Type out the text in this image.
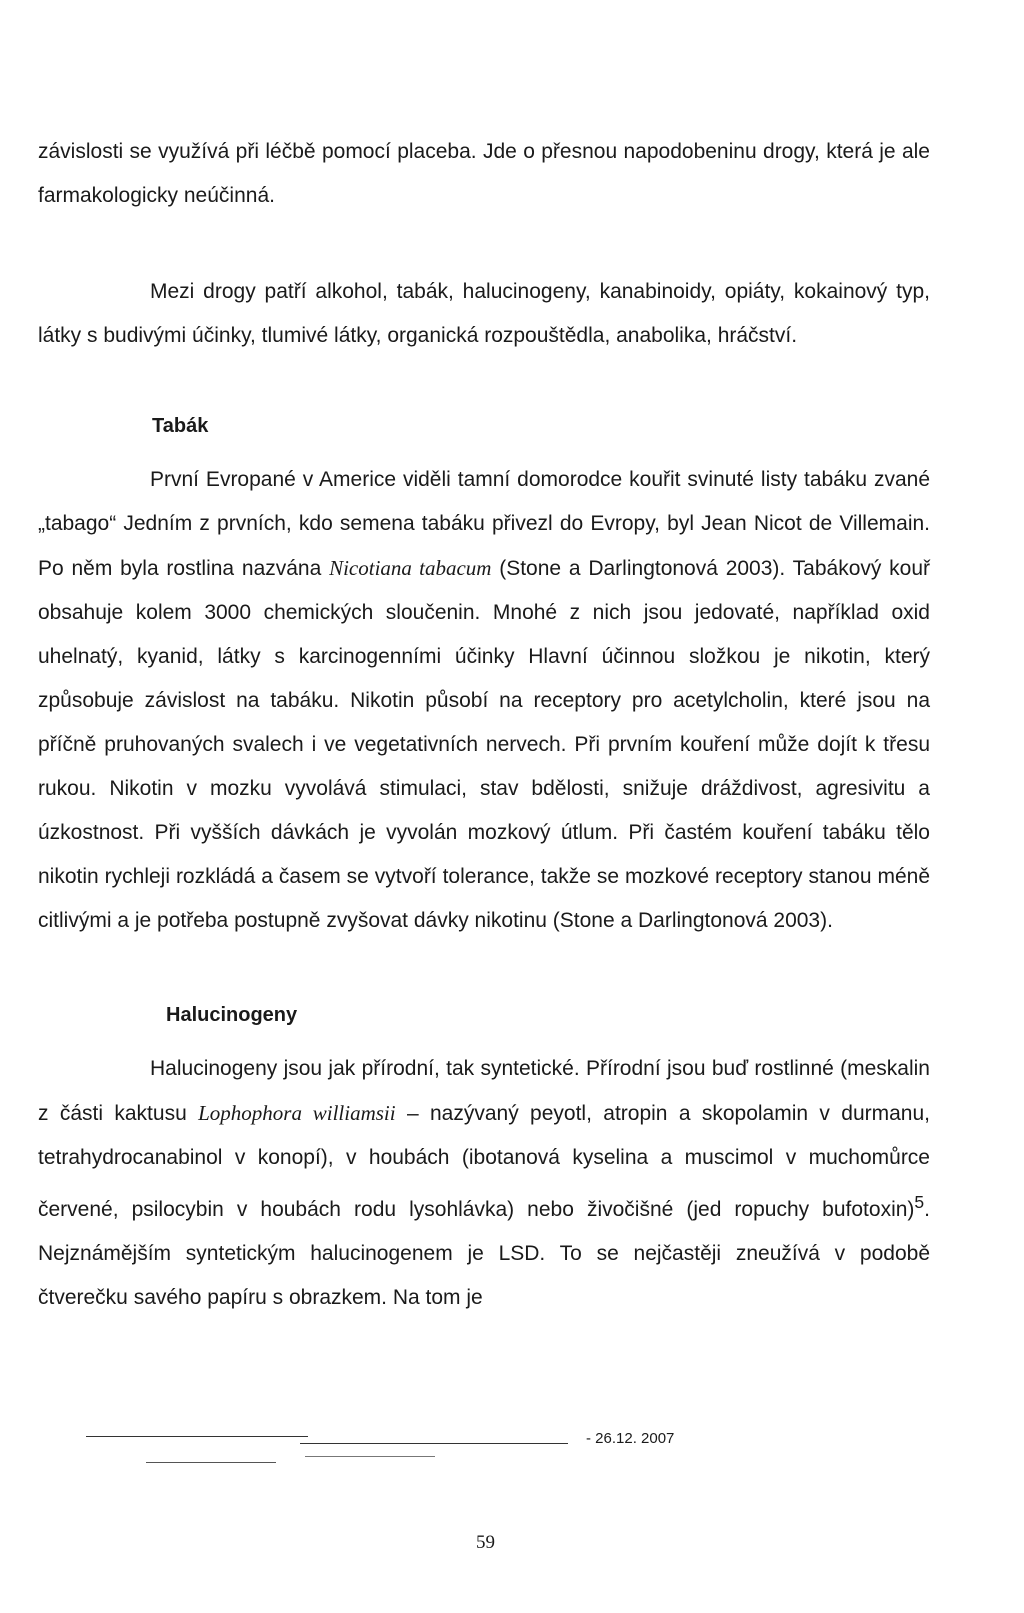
závislosti se využívá při léčbě pomocí placeba. Jde o přesnou napodobeninu drogy, která je ale farmakologicky neúčinná.

Mezi drogy patří alkohol, tabák, halucinogeny, kanabinoidy, opiáty, kokainový typ, látky s budivými účinky, tlumivé látky, organická rozpouštědla, anabolika, hráčství.

Tabák

První Evropané v Americe viděli tamní domorodce kouřit svinuté listy tabáku zvané „tabago“ Jedním z prvních, kdo semena tabáku přivezl do Evropy, byl Jean Nicot de Villemain. Po něm byla rostlina nazvána Nicotiana tabacum (Stone a Darlingtonová 2003). Tabákový kouř obsahuje kolem 3000 chemických sloučenin. Mnohé z nich jsou jedovaté, například oxid uhelnatý, kyanid, látky s karcinogenními účinky Hlavní účinnou složkou je nikotin, který způsobuje závislost na tabáku. Nikotin působí na receptory pro acetylcholin, které jsou na příčně pruhovaných svalech i ve vegetativních nervech. Při prvním kouření může dojít k třesu rukou. Nikotin v mozku vyvolává stimulaci, stav bdělosti, snižuje dráždivost, agresivitu a úzkostnost. Při vyšších dávkách je vyvolán mozkový útlum. Při častém kouření tabáku tělo nikotin rychleji rozkládá a časem se vytvoří tolerance, takže se mozkové receptory stanou méně citlivými a je potřeba postupně zvyšovat dávky nikotinu (Stone a Darlingtonová 2003).

Halucinogeny

Halucinogeny jsou jak přírodní, tak syntetické. Přírodní jsou buď rostlinné (meskalin z části kaktusu Lophophora williamsii – nazývaný peyotl, atropin a skopolamin v durmanu, tetrahydrocanabinol v konopí), v houbách (ibotanová kyselina a muscimol v muchomůrce červené, psilocybin v houbách rodu lysohlávka) nebo živočišné (jed ropuchy bufotoxin)$^5$. Nejznámějším syntetickým halucinogenem je LSD. To se nejčastěji zneužívá v podobě čtverečku savého papíru s obrazkem. Na tom je

- 26.12. 2007
59
